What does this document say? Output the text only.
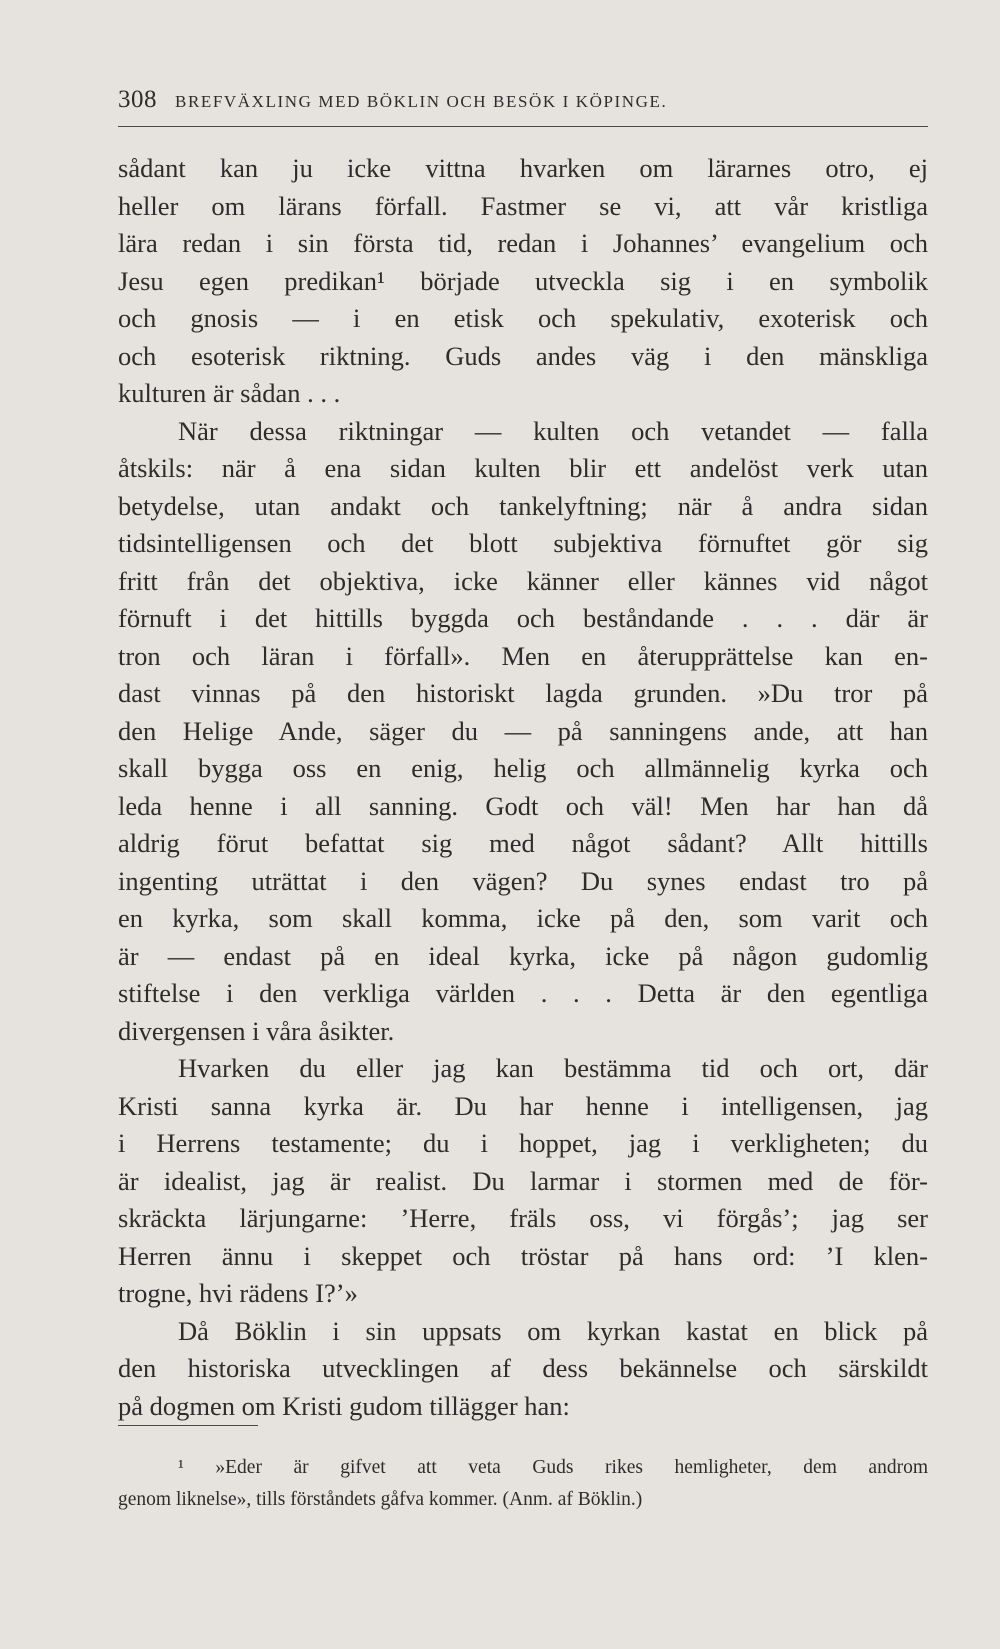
308 BREFVÄXLING MED BÖKLIN OCH BESÖK I KÖPINGE.
sådant kan ju icke vittna hvarken om lärarnes otro, ej
heller om lärans förfall. Fastmer se vi, att vår kristliga
lära redan i sin första tid, redan i Johannes’ evangelium och
Jesu egen predikan¹ började utveckla sig i en symbolik
och gnosis — i en etisk och spekulativ, exoterisk och
och esoterisk riktning. Guds andes väg i den mänskliga
kulturen är sådan . . .
När dessa riktningar — kulten och vetandet — falla
åtskils: när å ena sidan kulten blir ett andelöst verk utan
betydelse, utan andakt och tankelyftning; när å andra sidan
tidsintelligensen och det blott subjektiva förnuftet gör sig
fritt från det objektiva, icke känner eller kännes vid något
förnuft i det hittills byggda och beståndande . . . där är
tron och läran i förfall». Men en återupprättelse kan en-
dast vinnas på den historiskt lagda grunden. »Du tror på
den Helige Ande, säger du — på sanningens ande, att han
skall bygga oss en enig, helig och allmännelig kyrka och
leda henne i all sanning. Godt och väl! Men har han då
aldrig förut befattat sig med något sådant? Allt hittills
ingenting uträttat i den vägen? Du synes endast tro på
en kyrka, som skall komma, icke på den, som varit och
är — endast på en ideal kyrka, icke på någon gudomlig
stiftelse i den verkliga världen . . . Detta är den egentliga
divergensen i våra åsikter.
Hvarken du eller jag kan bestämma tid och ort, där
Kristi sanna kyrka är. Du har henne i intelligensen, jag
i Herrens testamente; du i hoppet, jag i verkligheten; du
är idealist, jag är realist. Du larmar i stormen med de för-
skräckta lärjungarne: ’Herre, fräls oss, vi förgås’; jag ser
Herren ännu i skeppet och tröstar på hans ord: ’I klen-
trogne, hvi rädens I?’»
Då Böklin i sin uppsats om kyrkan kastat en blick på
den historiska utvecklingen af dess bekännelse och särskildt
på dogmen om Kristi gudom tillägger han:
¹ »Eder är gifvet att veta Guds rikes hemligheter, dem androm
genom liknelse», tills förståndets gåfva kommer. (Anm. af Böklin.)
